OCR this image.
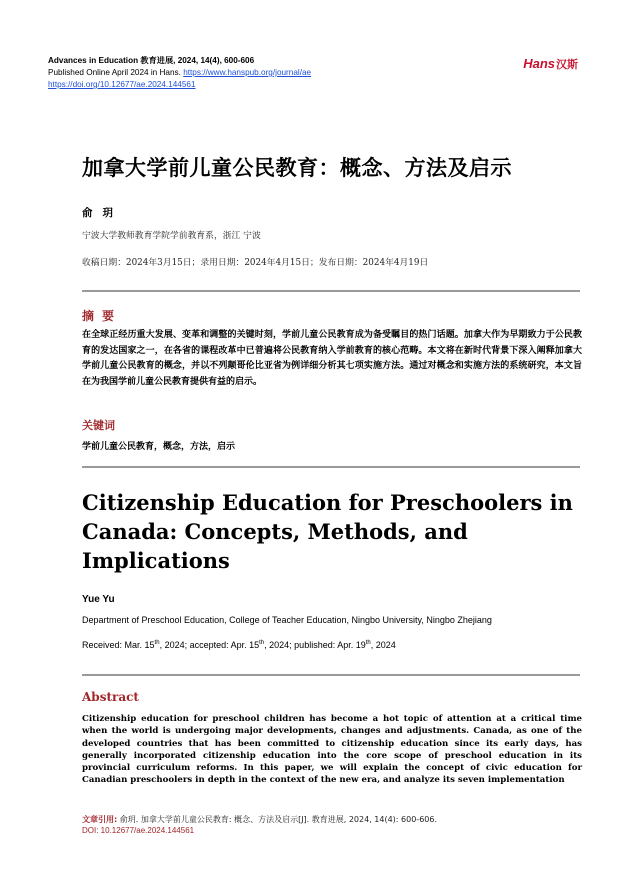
Advances in Education 教育进展, 2024, 14(4), 600-606
Published Online April 2024 in Hans. https://www.hanspub.org/journal/ae
https://doi.org/10.12677/ae.2024.144561
Hans汉斯
加拿大学前儿童公民教育：概念、方法及启示
俞玥
宁波大学教师教育学院学前教育系，浙江 宁波
收稿日期：2024年3月15日；录用日期：2024年4月15日；发布日期：2024年4月19日
摘要
在全球正经历重大发展、变革和调整的关键时刻，学前儿童公民教育成为备受瞩目的热门话题。加拿大作为早期致力于公民教育的发达国家之一，在各省的课程改革中已普遍将公民教育纳入学前教育的核心范畴。本文将在新时代背景下深入阐释加拿大学前儿童公民教育的概念，并以不列颠哥伦比亚省为例详细分析其七项实施方法。通过对概念和实施方法的系统研究，本文旨在为我国学前儿童公民教育提供有益的启示。
关键词
学前儿童公民教育，概念，方法，启示
Citizenship Education for Preschoolers in Canada: Concepts, Methods, and Implications
Yue Yu
Department of Preschool Education, College of Teacher Education, Ningbo University, Ningbo Zhejiang
Received: Mar. 15th, 2024; accepted: Apr. 15th, 2024; published: Apr. 19th, 2024
Abstract
Citizenship education for preschool children has become a hot topic of attention at a critical time when the world is undergoing major developments, changes and adjustments. Canada, as one of the developed countries that has been committed to citizenship education since its early days, has generally incorporated citizenship education into the core scope of preschool education in its provincial curriculum reforms. In this paper, we will explain the concept of civic education for Canadian preschoolers in depth in the context of the new era, and analyze its seven implementation
文章引用: 俞玥. 加拿大学前儿童公民教育: 概念、方法及启示[J]. 教育进展, 2024, 14(4): 600-606.
DOI: 10.12677/ae.2024.144561
